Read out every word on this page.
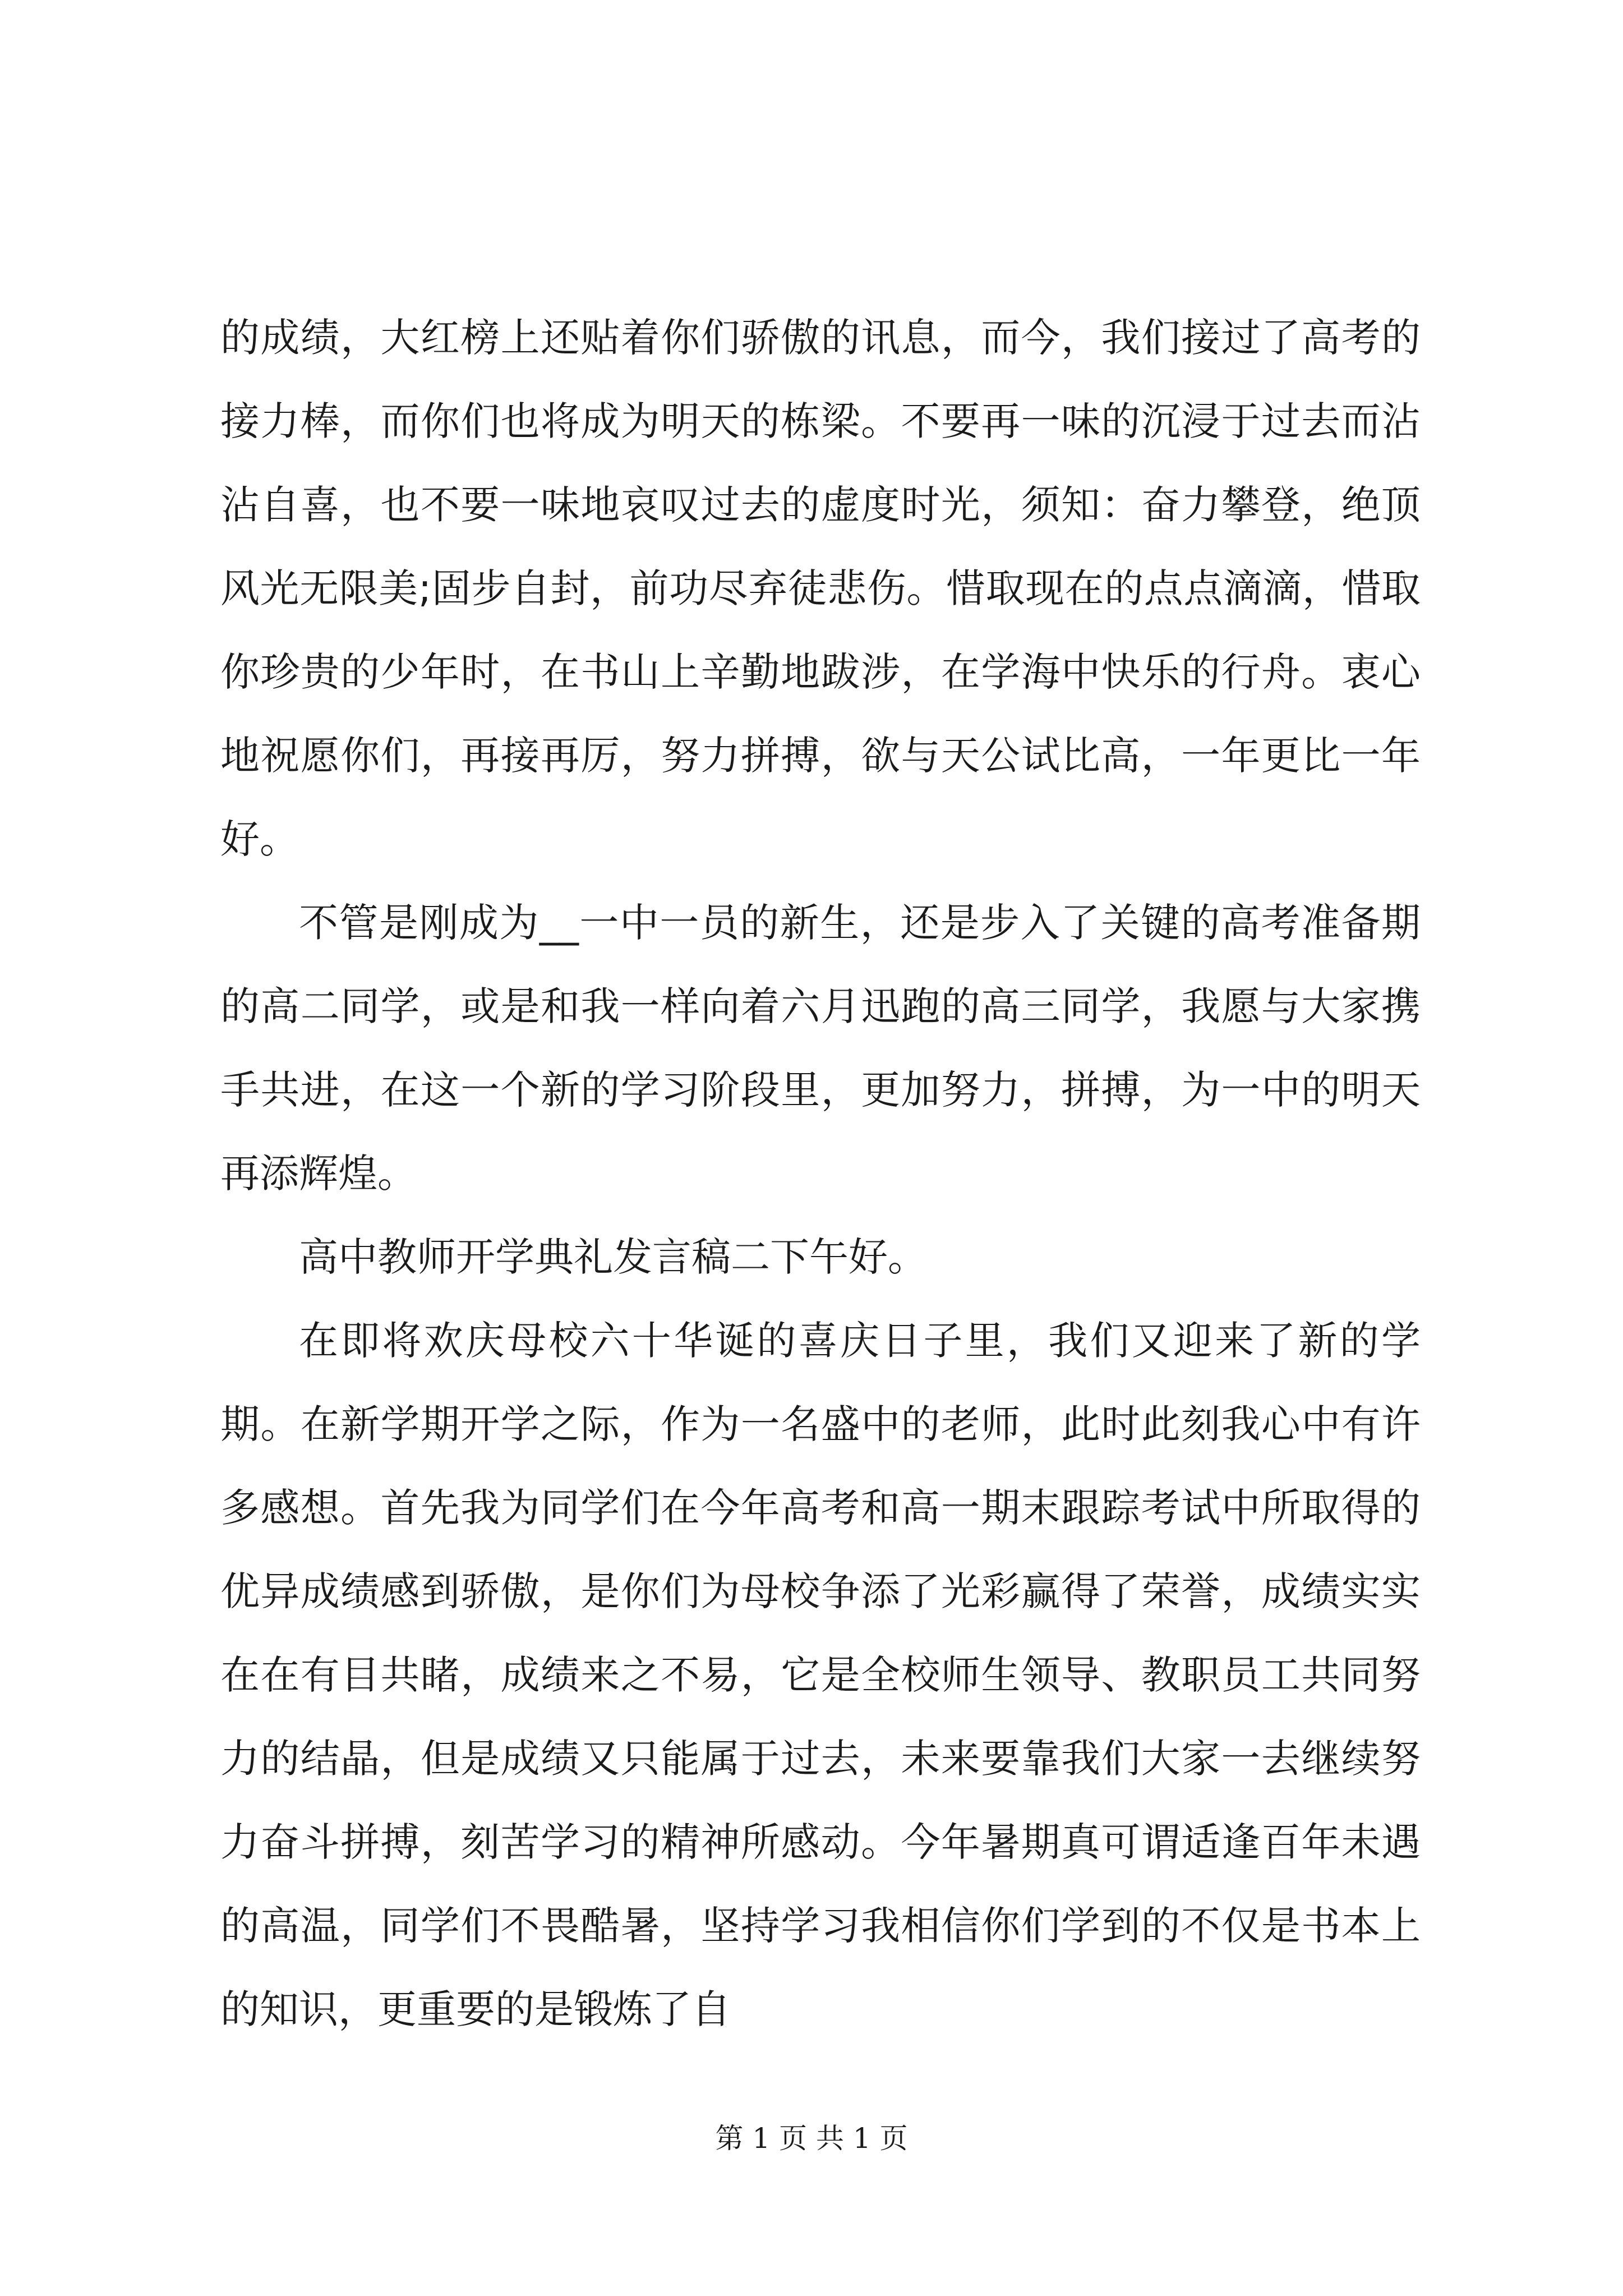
的成绩，大红榜上还贴着你们骄傲的讯息，而今，我们接过了高考的接力棒，而你们也将成为明天的栋梁。不要再一味的沉浸于过去而沾沾自喜，也不要一味地哀叹过去的虚度时光，须知：奋力攀登，绝顶风光无限美;固步自封，前功尽弃徒悲伤。惜取现在的点点滴滴，惜取你珍贵的少年时，在书山上辛勤地跋涉，在学海中快乐的行舟。衷心地祝愿你们，再接再厉，努力拼搏，欲与天公试比高，一年更比一年好。

不管是刚成为__一中一员的新生，还是步入了关键的高考准备期的高二同学，或是和我一样向着六月迅跑的高三同学，我愿与大家携手共进，在这一个新的学习阶段里，更加努力，拼搏，为一中的明天再添辉煌。

高中教师开学典礼发言稿二下午好。

在即将欢庆母校六十华诞的喜庆日子里，我们又迎来了新的学期。在新学期开学之际，作为一名盛中的老师，此时此刻我心中有许多感想。首先我为同学们在今年高考和高一期末跟踪考试中所取得的优异成绩感到骄傲，是你们为母校争添了光彩赢得了荣誉，成绩实实在在有目共睹，成绩来之不易，它是全校师生领导、教职员工共同努力的结晶，但是成绩又只能属于过去，未来要靠我们大家一去继续努力奋斗拼搏，刻苦学习的精神所感动。今年暑期真可谓适逢百年未遇的高温，同学们不畏酷暑，坚持学习我相信你们学到的不仅是书本上的知识，更重要的是锻炼了自

第 1 页 共 1 页
